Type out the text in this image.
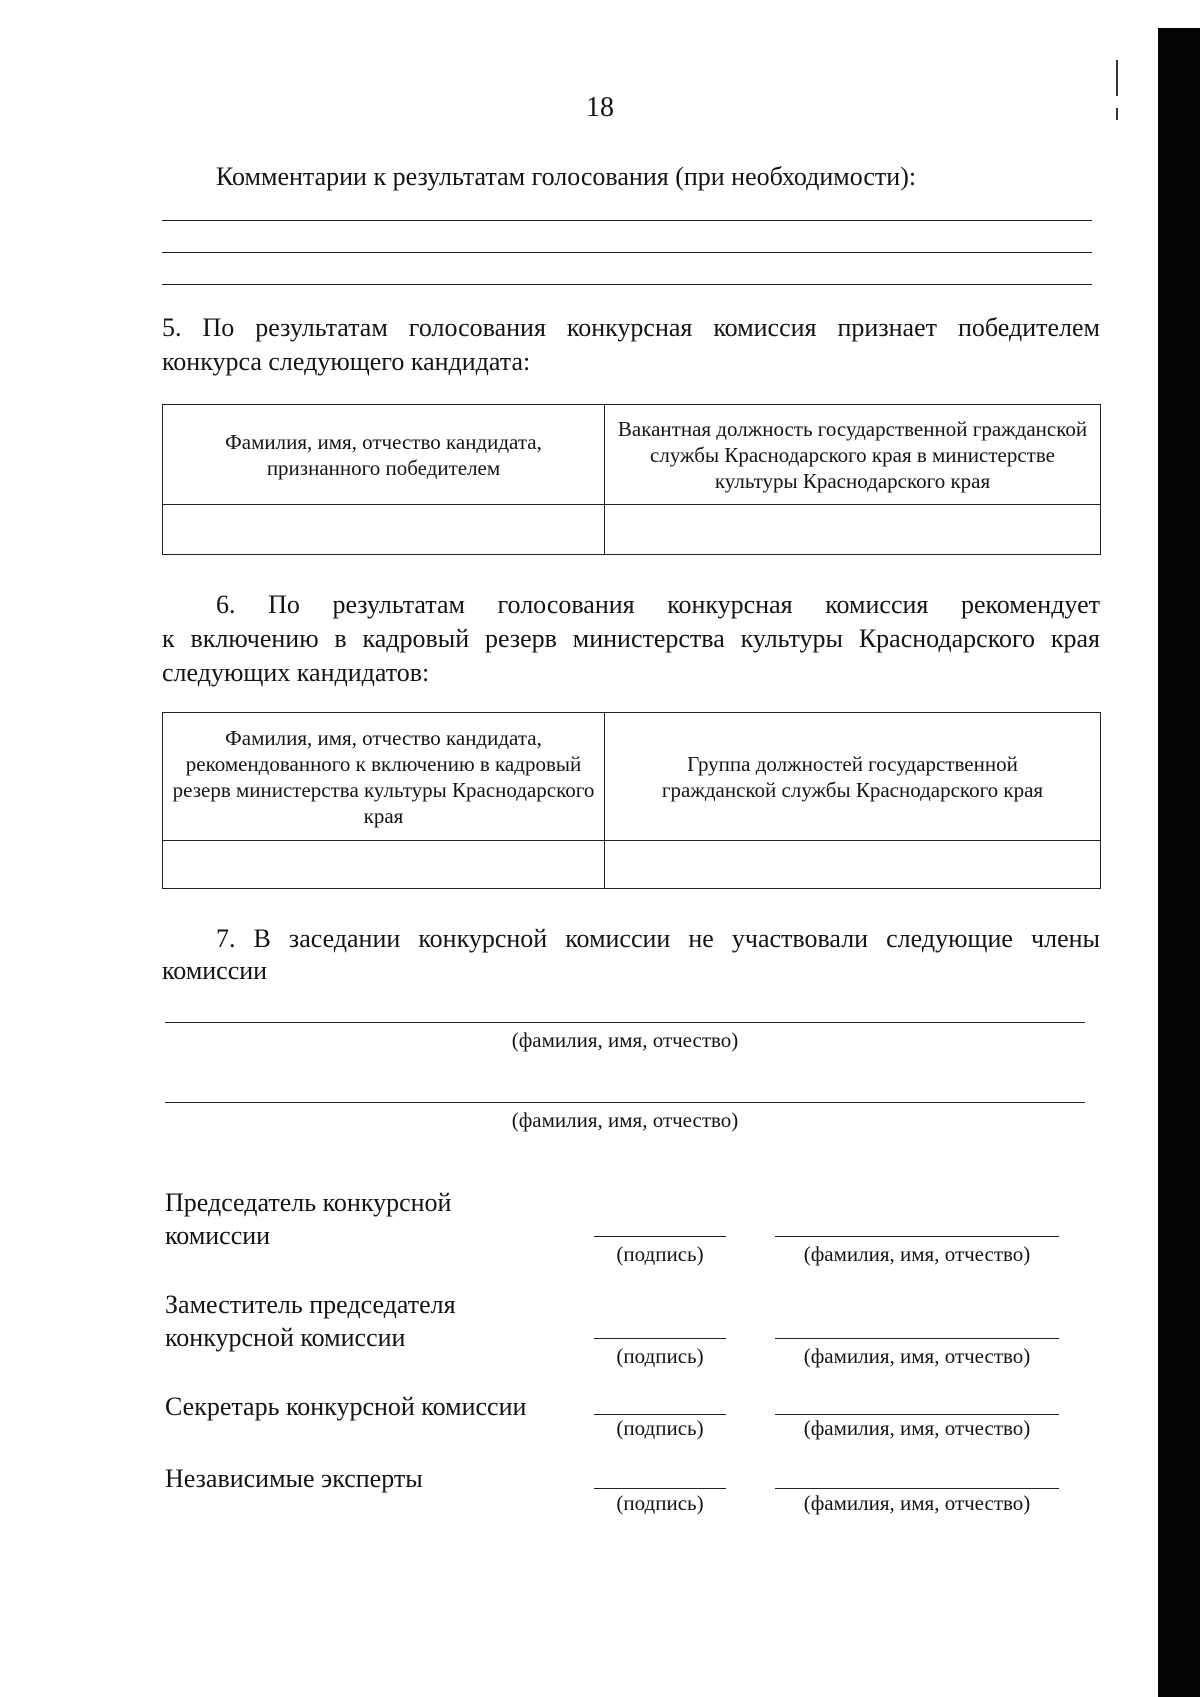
18
Комментарии к результатам голосования (при необходимости):
5. По результатам голосования конкурсная комиссия признает победителем
конкурса следующего кандидата:
Фамилия, имя, отчество кандидата, признанного победителем	Вакантная должность государственной гражданской службы Краснодарского края в министерстве культуры Краснодарского края

6. По результатам голосования конкурсная комиссия рекомендует
к включению в кадровый резерв министерства культуры Краснодарского края
следующих кандидатов:
Фамилия, имя, отчество кандидата, рекомендованного к включению в кадровый резерв министерства культуры Краснодарского края	Группа должностей государственной гражданской службы Краснодарского края

7. В заседании конкурсной комиссии не участвовали следующие члены
комиссии
(фамилия, имя, отчество)
(фамилия, имя, отчество)
Председатель конкурсной
комиссии
(подпись)	(фамилия, имя, отчество)
Заместитель председателя
конкурсной комиссии
(подпись)	(фамилия, имя, отчество)
Секретарь конкурсной комиссии
(подпись)	(фамилия, имя, отчество)
Независимые эксперты
(подпись)	(фамилия, имя, отчество)
